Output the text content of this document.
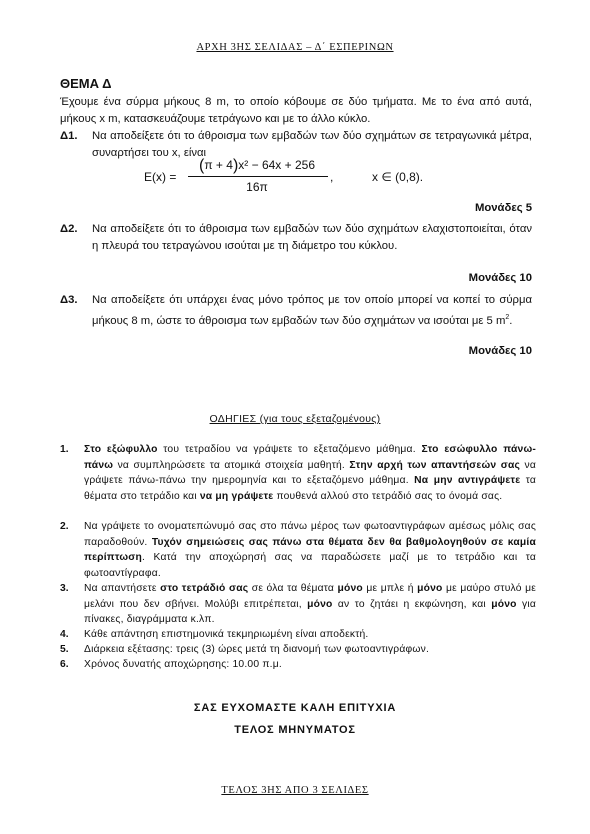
ΑΡΧΗ 3ΗΣ ΣΕΛΙΔΑΣ – Δ΄ ΕΣΠΕΡΙΝΩΝ
ΘΕΜΑ Δ
Έχουμε ένα σύρμα μήκους 8 m, το οποίο κόβουμε σε δύο τμήματα. Με το ένα από αυτά, μήκους x m, κατασκευάζουμε τετράγωνο και με το άλλο κύκλο.
Δ1. Να αποδείξετε ότι το άθροισμα των εμβαδών των δύο σχημάτων σε τετραγωνικά μέτρα, συναρτήσει του x, είναι
E(x) =
(π + 4)x² − 64x + 256
16π
,	x ∈ (0,8).
Μονάδες 5
Δ2. Να αποδείξετε ότι το άθροισμα των εμβαδών των δύο σχημάτων ελαχιστοποιείται, όταν η πλευρά του τετραγώνου ισούται με τη διάμετρο του κύκλου.
Μονάδες 10
Δ3. Να αποδείξετε ότι υπάρχει ένας μόνο τρόπος με τον οποίο μπορεί να κοπεί το σύρμα μήκους 8 m, ώστε το άθροισμα των εμβαδών των δύο σχημάτων να ισούται με 5 $m^2$.
Μονάδες 10
ΟΔΗΓΙΕΣ (για τους εξεταζομένους)
1. Στο εξώφυλλο του τετραδίου να γράψετε το εξεταζόμενο μάθημα. Στο εσώφυλλο πάνω-πάνω να συμπληρώσετε τα ατομικά στοιχεία μαθητή. Στην αρχή των απαντήσεών σας να γράψετε πάνω-πάνω την ημερομηνία και το εξεταζόμενο μάθημα. Να μην αντιγράψετε τα θέματα στο τετράδιο και να μη γράψετε πουθενά αλλού στο τετράδιό σας το όνομά σας.
2. Να γράψετε το ονοματεπώνυμό σας στο πάνω μέρος των φωτοαντιγράφων αμέσως μόλις σας παραδοθούν. Τυχόν σημειώσεις σας πάνω στα θέματα δεν θα βαθμολογηθούν σε καμία περίπτωση. Κατά την αποχώρησή σας να παραδώσετε μαζί με το τετράδιο και τα φωτοαντίγραφα.
3. Να απαντήσετε στο τετράδιό σας σε όλα τα θέματα μόνο με μπλε ή μόνο με μαύρο στυλό με μελάνι που δεν σβήνει. Μολύβι επιτρέπεται, μόνο αν το ζητάει η εκφώνηση, και μόνο για πίνακες, διαγράμματα κ.λπ.
4. Κάθε απάντηση επιστημονικά τεκμηριωμένη είναι αποδεκτή.
5. Διάρκεια εξέτασης: τρεις (3) ώρες μετά τη διανομή των φωτοαντιγράφων.
6. Χρόνος δυνατής αποχώρησης: 10.00 π.μ.
ΣΑΣ ΕΥΧΟΜΑΣΤΕ ΚΑΛΗ ΕΠΙΤΥΧΙΑ
ΤΕΛΟΣ ΜΗΝΥΜΑΤΟΣ
ΤΕΛΟΣ 3ΗΣ ΑΠΟ 3 ΣΕΛΙΔΕΣ
